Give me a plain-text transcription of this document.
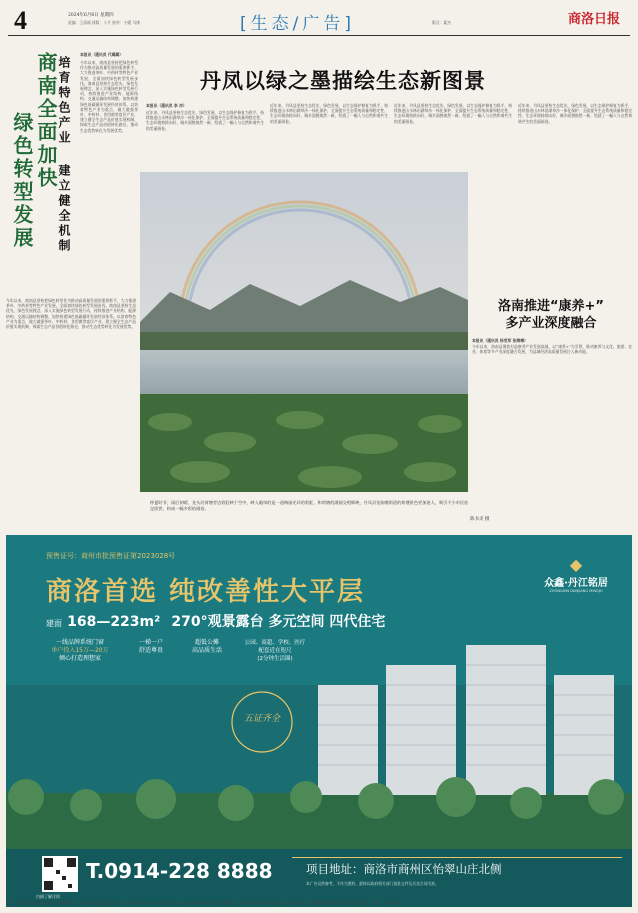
4	2024年6月6日 星期四
责编：王清福 排版：卜月 校对：小媛 马康	[生态/广告]	版式：素杰	商洛日报
培育特色产业
建立健全机制
商南全面加快
绿色转型发展
本报讯（通讯员 代璐璐）
今年以来，商南县坚持把绿色转型作为推动高质量发展的重要抓手，大力推进茶叶、中药材等特色产业发展，全面加快绿色转型发展步伐。商南县坚持生态优先、绿色发展理念，深入实施绿色转型发展行动，持续推进产业结构、能源结构、交通运输结构调整，加快构建绿色低碳循环发展经济体系。以培育特色产业为重点，做大做强茶叶、中药材、食用菌等富民产业，建立健全生态产品价值实现机制，探索生态产品价值转化路径，推动生态优势转化为发展优势。
今年以来，商南县坚持把绿色转型作为推动高质量发展的重要抓手，大力推进茶叶、中药材等特色产业发展，全面加快绿色转型发展步伐。商南县坚持生态优先、绿色发展理念，深入实施绿色转型发展行动，持续推进产业结构、能源结构、交通运输结构调整，加快构建绿色低碳循环发展经济体系。以培育特色产业为重点，做大做强茶叶、中药材、食用菌等富民产业，建立健全生态产品价值实现机制，探索生态产品价值转化路径，推动生态优势转化为发展优势。
丹凤以绿之墨描绘生态新图景
本报讯（通讯员 李 冲）
近年来，丹凤县坚持生态优先、绿色发展，以生态保护修复为抓手，持续推进山水林田湖草沙一体化保护，全面提升生态系统质量和稳定性，生态环境持续向好，城乡面貌焕然一新，绘就了一幅人与自然和谐共生的美丽画卷。
近年来，丹凤县坚持生态优先、绿色发展，以生态保护修复为抓手，持续推进山水林田湖草沙一体化保护，全面提升生态系统质量和稳定性，生态环境持续向好，城乡面貌焕然一新，绘就了一幅人与自然和谐共生的美丽画卷。
近年来，丹凤县坚持生态优先、绿色发展，以生态保护修复为抓手，持续推进山水林田湖草沙一体化保护，全面提升生态系统质量和稳定性，生态环境持续向好，城乡面貌焕然一新，绘就了一幅人与自然和谐共生的美丽画卷。
近年来，丹凤县坚持生态优先、绿色发展，以生态保护修复为抓手，持续推进山水林田湖草沙一体化保护，全面提升生态系统质量和稳定性，生态环境持续向好，城乡面貌焕然一新，绘就了一幅人与自然和谐共生的美丽画卷。
仲夏时节，雨后初晴，龙头河荷塘旁边彩虹映于空中，映入眼帘的是一道绚丽光环的彩虹，和荷塘的湖面交相辉映，丹凤县龙驹寨街道的荷塘景色更加迷人，吸引不少市民驻足欣赏，构成一幅多彩的画卷。
陈书炎 摄
洛南推进“康养+”
多产业深度融合
本报讯（通讯员 杨党军 张海梅）
今年以来，洛南县聚焦打造康养产业发展高地，以“康养+”为引领，推动康养与文化、旅游、农业、体育等多产业深度融合发展，为县域经济高质量发展注入新动能。
预售证号：商州市批预售证第2023028号
商洛首选 纯改善性大平层
◆
众鑫·丹江铭居
ZHONGXIN DANJIANG MINGJU
建面 168—223m² 270°观景露台 多元空间 四代住宅
一线品牌系统门窗
单户投入15万—20万
倾心打造理想家
一梯一户
舒适尊贵
超低公摊
高品质生活
公园、商超、学校、医疗
配套近在咫尺
(2分钟生活圈)
五证齐全
T.0914-228 8888
扫描了解详情
项目地址：商洛市商州区怡翠山庄北侧
本广告仅供参考，不作为要约，最终以政府相关部门批准文件及买卖合同为准。
社址：商洛市北新街西段59号 邮政编码：726000 办公室电话/传真：2313480 2325222 广告许可证：6125004000002 广告部电话：2317967 282833619@qq.com 发行：商洛市邮政局 印刷：商洛日报印刷厂 电话：2312541
